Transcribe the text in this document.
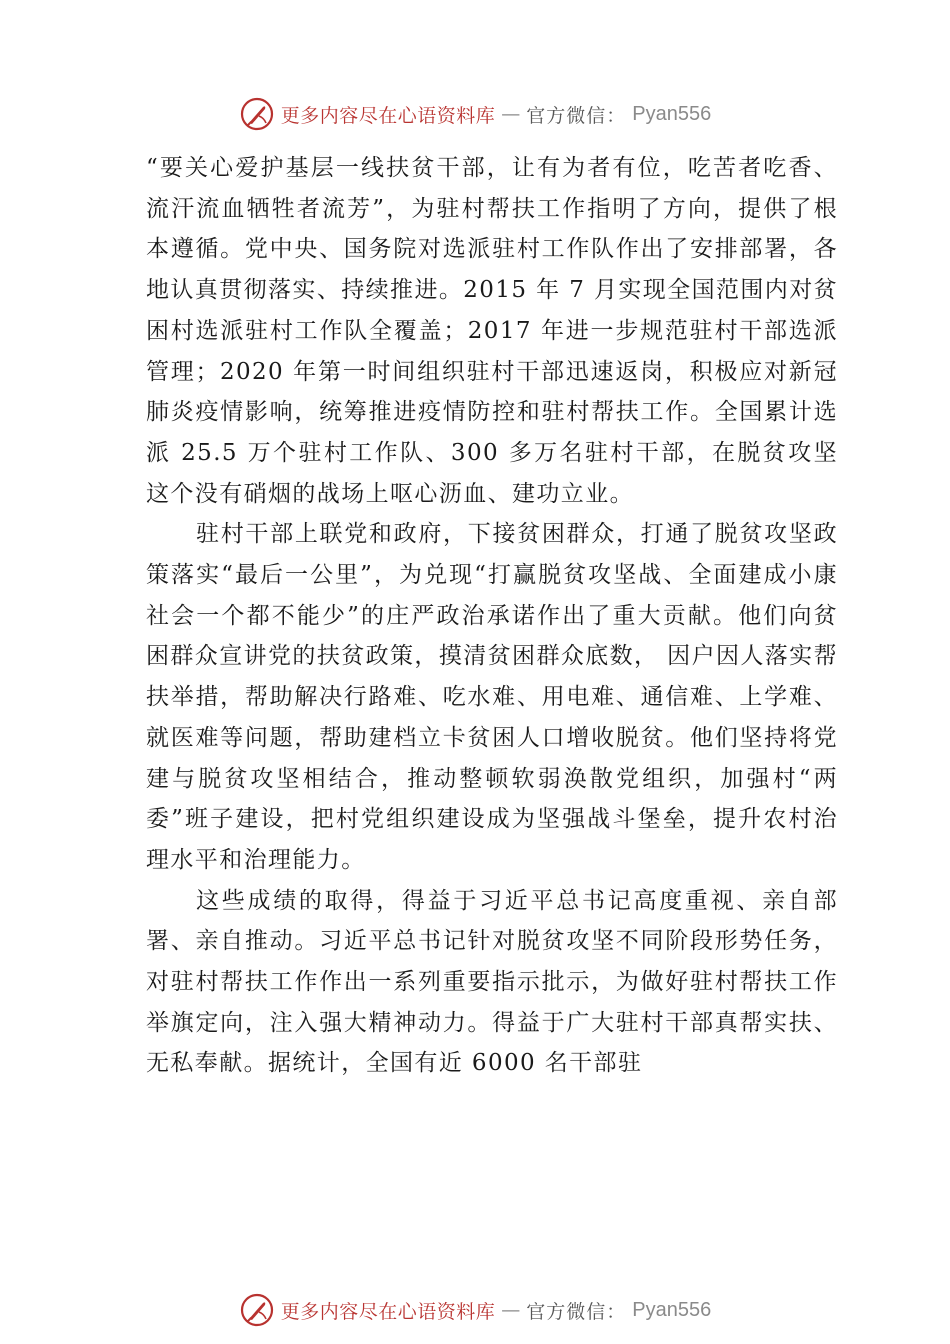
更多内容尽在心语资料库 — 官方微信： Pyan556

“要关心爱护基层一线扶贫干部，让有为者有位，吃苦者吃香、流汗流血牺牲者流芳”，为驻村帮扶工作指明了方向，提供了根本遵循。党中央、国务院对选派驻村工作队作出了安排部署，各地认真贯彻落实、持续推进。2015 年 7 月实现全国范围内对贫困村选派驻村工作队全覆盖；2017 年进一步规范驻村干部选派管理；2020 年第一时间组织驻村干部迅速返岗，积极应对新冠肺炎疫情影响，统筹推进疫情防控和驻村帮扶工作。全国累计选派 25.5 万个驻村工作队、300 多万名驻村干部，在脱贫攻坚这个没有硝烟的战场上呕心沥血、建功立业。

驻村干部上联党和政府，下接贫困群众，打通了脱贫攻坚政策落实“最后一公里”，为兑现“打赢脱贫攻坚战、全面建成小康社会一个都不能少”的庄严政治承诺作出了重大贡献。他们向贫困群众宣讲党的扶贫政策，摸清贫困群众底数， 因户因人落实帮扶举措，帮助解决行路难、吃水难、用电难、通信难、上学难、就医难等问题，帮助建档立卡贫困人口增收脱贫。他们坚持将党建与脱贫攻坚相结合，推动整顿软弱涣散党组织，加强村“两委”班子建设，把村党组织建设成为坚强战斗堡垒，提升农村治理水平和治理能力。

这些成绩的取得，得益于习近平总书记高度重视、亲自部署、亲自推动。习近平总书记针对脱贫攻坚不同阶段形势任务，对驻村帮扶工作作出一系列重要指示批示，为做好驻村帮扶工作举旗定向，注入强大精神动力。得益于广大驻村干部真帮实扶、无私奉献。据统计，全国有近 6000 名干部驻

更多内容尽在心语资料库 — 官方微信： Pyan556
